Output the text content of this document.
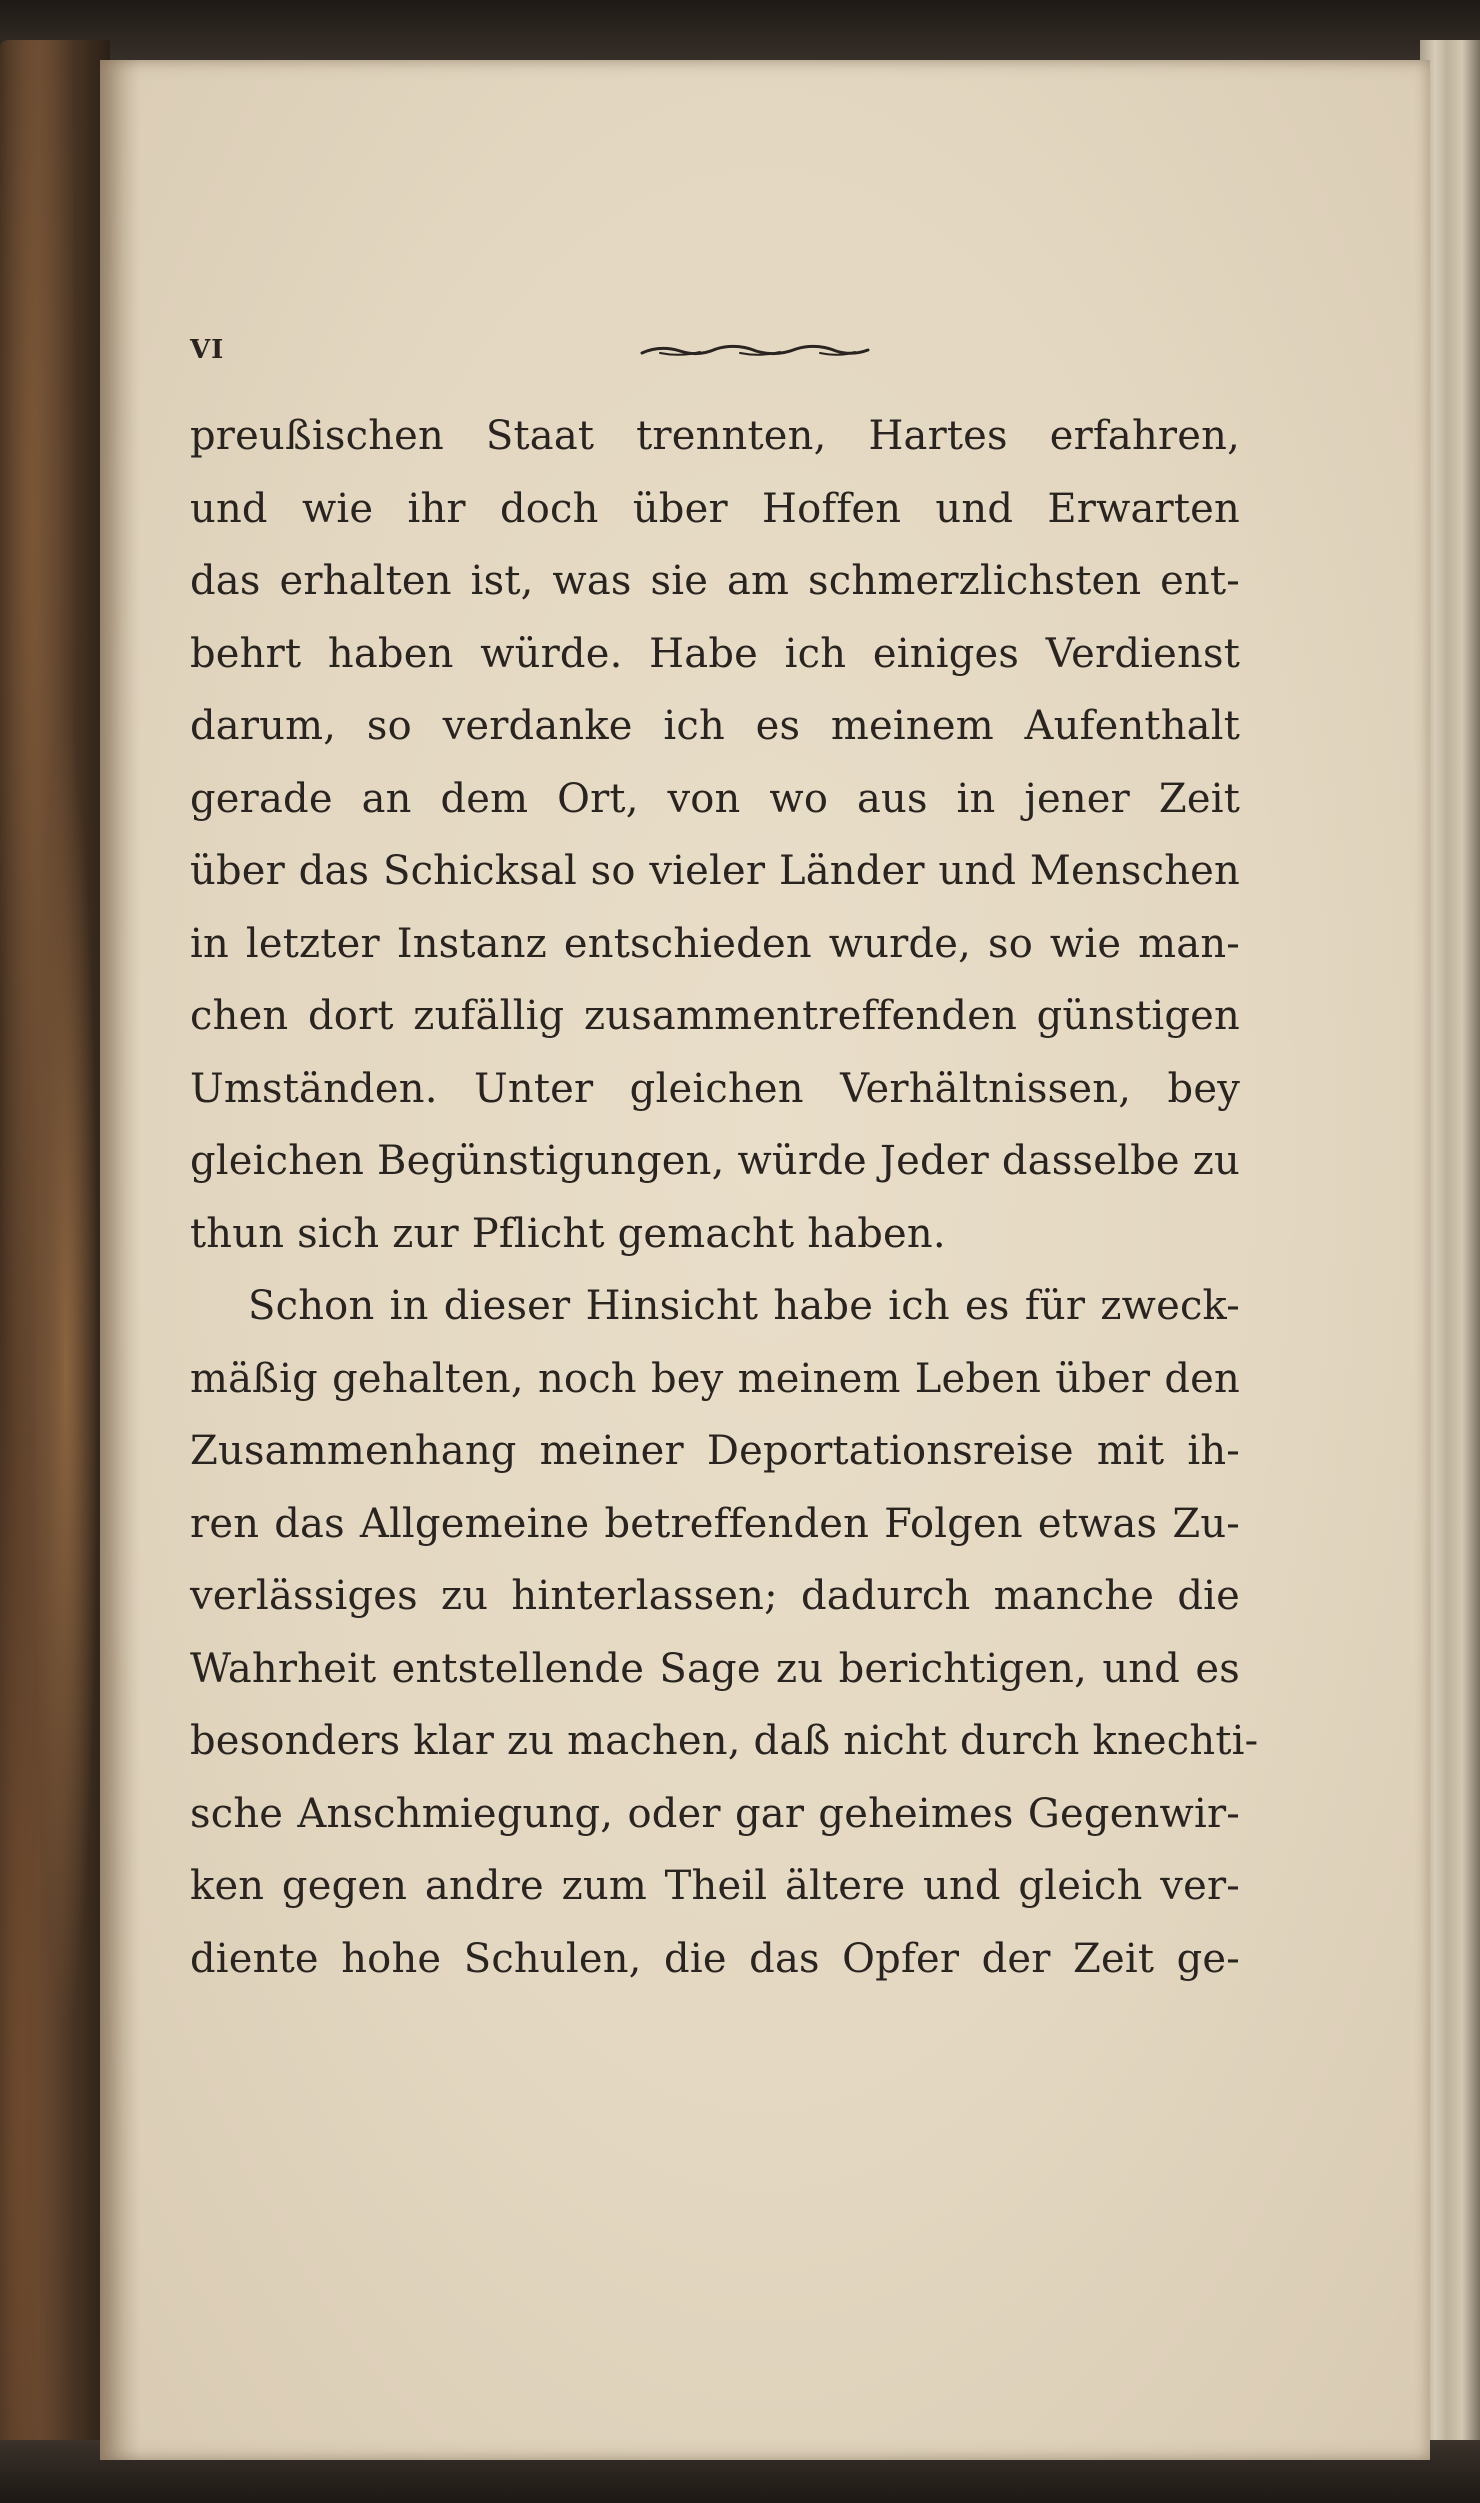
VI
preußischen Staat trennten, Hartes erfahren,
und wie ihr doch über Hoffen und Erwarten
das erhalten ist, was sie am schmerzlichsten ent-
behrt haben würde. Habe ich einiges Verdienst
darum, so verdanke ich es meinem Aufenthalt
gerade an dem Ort, von wo aus in jener Zeit
über das Schicksal so vieler Länder und Menschen
in letzter Instanz entschieden wurde, so wie man-
chen dort zufällig zusammentreffenden günstigen
Umständen. Unter gleichen Verhältnissen, bey
gleichen Begünstigungen, würde Jeder dasselbe zu
thun sich zur Pflicht gemacht haben.
Schon in dieser Hinsicht habe ich es für zweck-
mäßig gehalten, noch bey meinem Leben über den
Zusammenhang meiner Deportationsreise mit ih-
ren das Allgemeine betreffenden Folgen etwas Zu-
verlässiges zu hinterlassen; dadurch manche die
Wahrheit entstellende Sage zu berichtigen, und es
besonders klar zu machen, daß nicht durch knechti-
sche Anschmiegung, oder gar geheimes Gegenwir-
ken gegen andre zum Theil ältere und gleich ver-
diente hohe Schulen, die das Opfer der Zeit ge-
